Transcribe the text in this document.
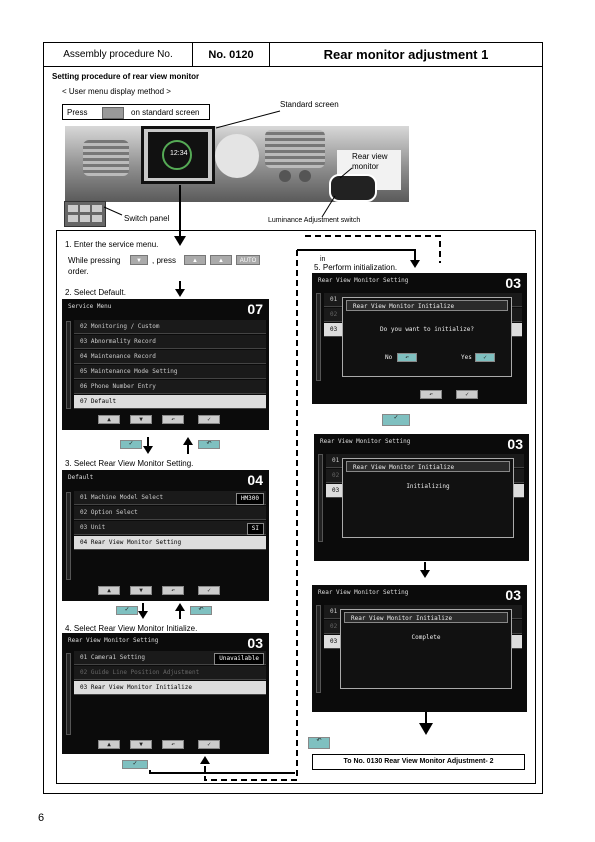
Assembly procedure No.	No. 0120	Rear monitor adjustment 1
Setting procedure of rear view monitor
< User menu display method >
Press	on standard screen
12:34
Standard screen
Rear view monitor
Luminance Adjustment switch
Switch panel
1. Enter the service menu.
While pressing	▼	, press	▲	▲	AUTO
order.
2. Select Default.
Service Menu	07
02 Monitoring / Custom
03 Abnormality Record
04 Maintenance Record
05 Maintenance Mode Setting
06 Phone Number Entry
07 Default
▲	▼	↶	✓
✓	↶
3. Select Rear View Monitor Setting.
Default	04
01 Machine Model Select	HM300
02 Option Select
03 Unit	SI
04 Rear View Monitor Setting
▲	▼	↶	✓
✓	↶
4. Select Rear View Monitor Initialize.
Rear View Monitor Setting	03
01 Camera1 Setting	Unavailable
02 Guide Line Position Adjustment
03 Rear View Monitor Initialize
▲	▼	↶	✓
✓
in
5. Perform initialization.
Rear View Monitor Setting	03
01
02
03
Rear View Monitor Initialize
Do you want to initialize?
No	↶	Yes	✓
↶	✓
✓
Rear View Monitor Setting	03
01
02
03
Rear View Monitor Initialize
Initializing
Rear View Monitor Setting	03
01
02
03
Rear View Monitor Initialize
Complete
↶
To No. 0130 Rear View Monitor Adjustment- 2
6
